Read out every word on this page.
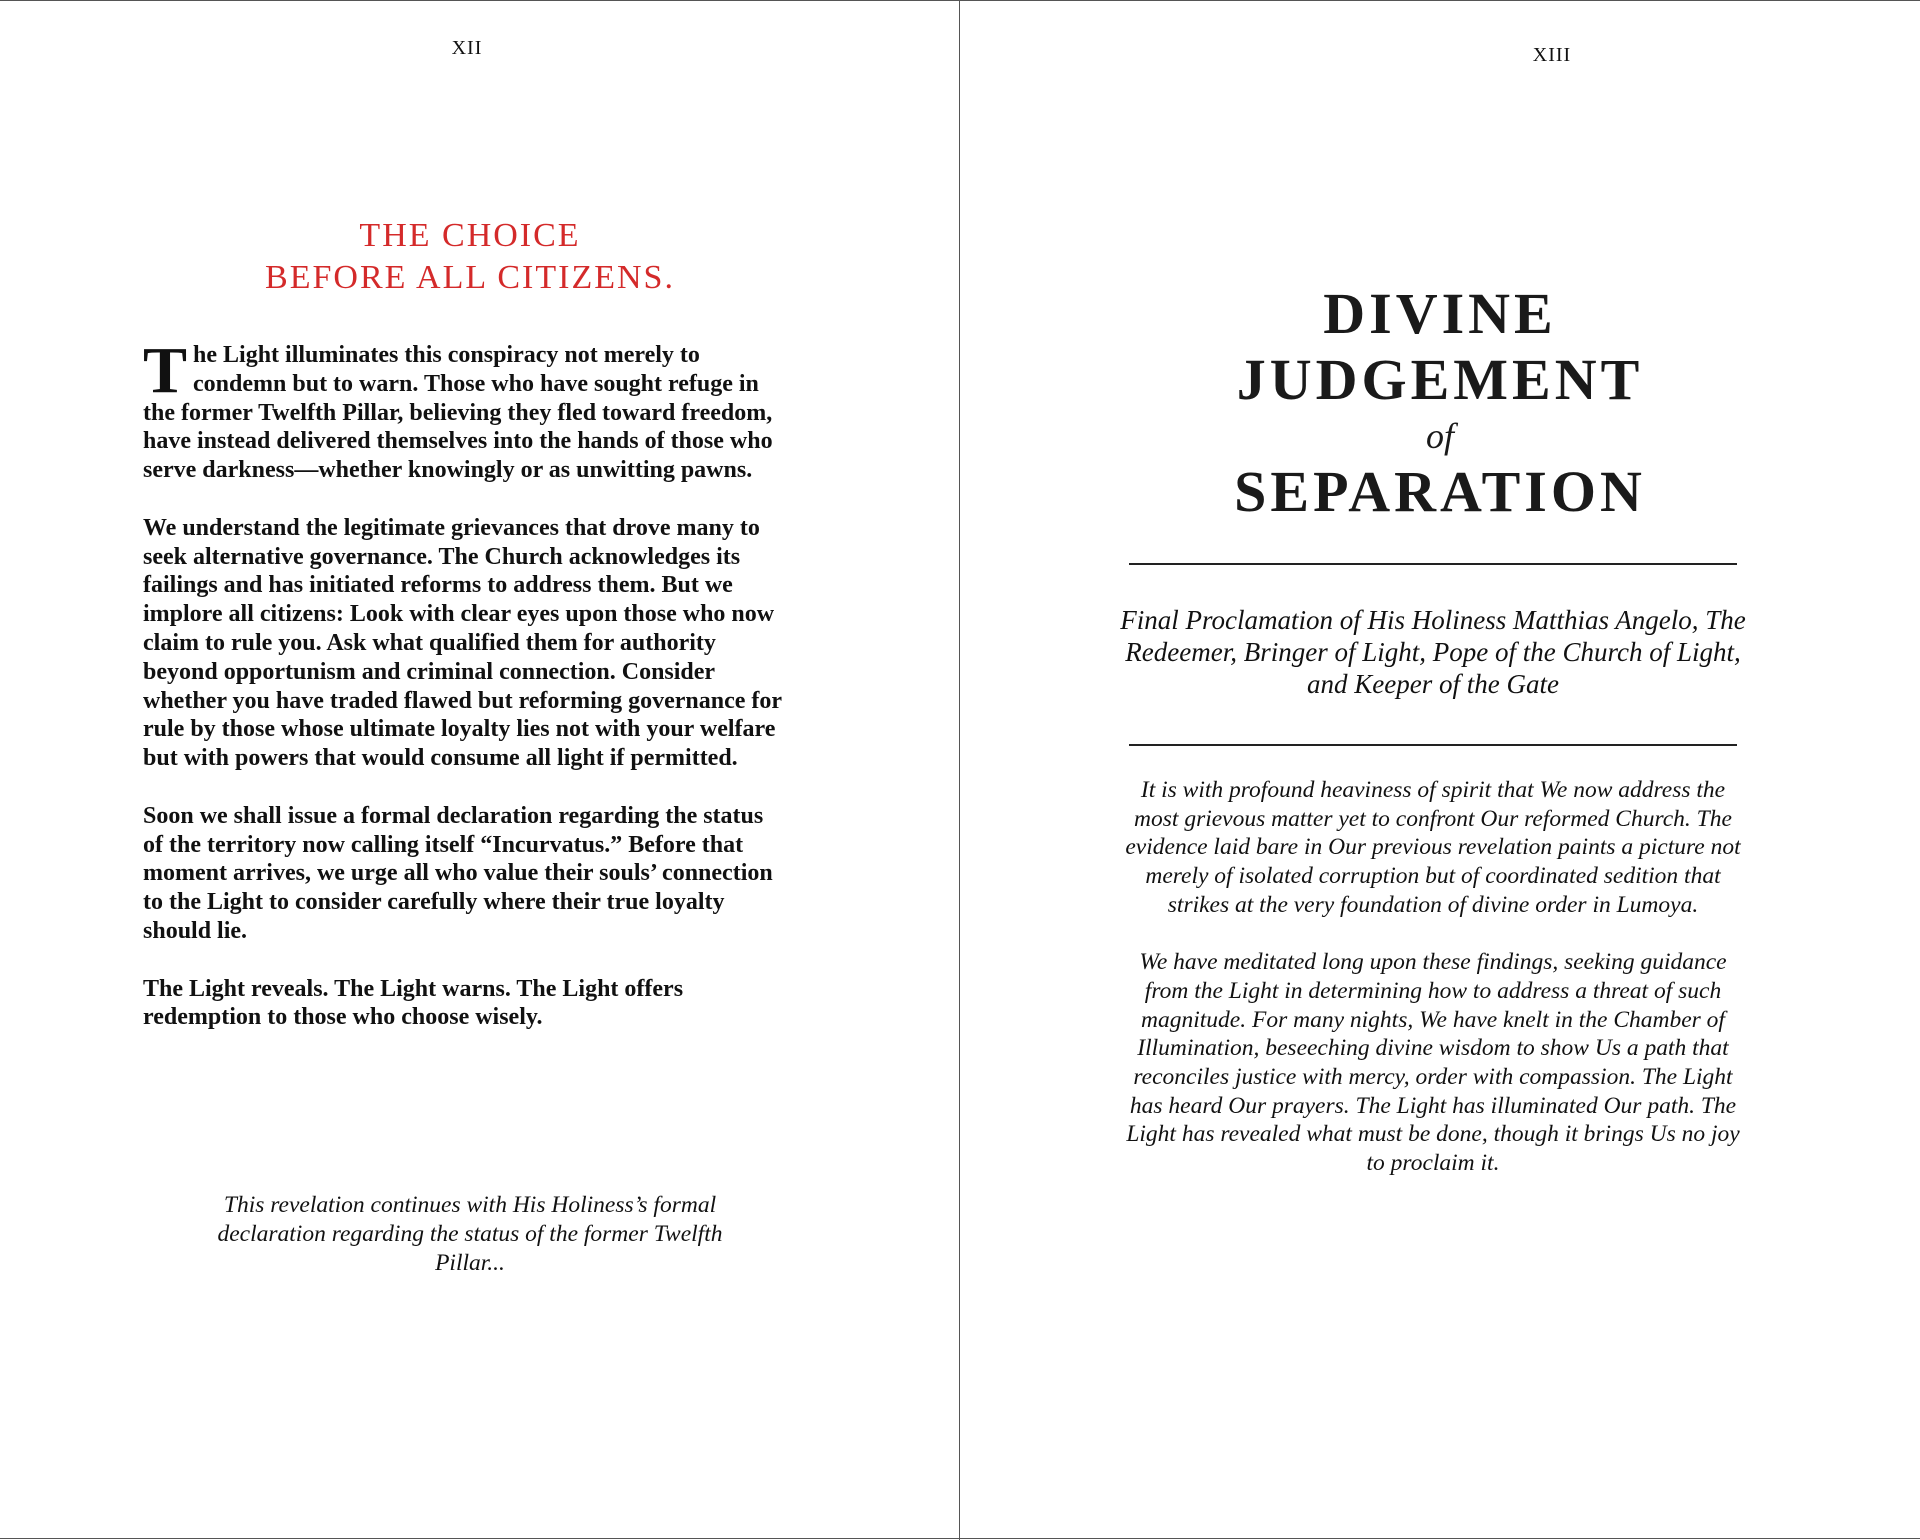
XII
THE CHOICE
BEFORE ALL CITIZENS.

The Light illuminates this conspiracy not merely to condemn but to warn. Those who have sought refuge in the former Twelfth Pillar, believing they fled toward freedom, have instead delivered themselves into the hands of those who serve darkness—whether knowingly or as unwitting pawns.

We understand the legitimate grievances that drove many to seek alternative governance. The Church acknowledges its failings and has initiated reforms to address them. But we implore all citizens: Look with clear eyes upon those who now claim to rule you. Ask what qualified them for authority beyond opportunism and criminal connection. Consider whether you have traded flawed but reforming governance for rule by those whose ultimate loyalty lies not with your welfare but with powers that would consume all light if permitted.

Soon we shall issue a formal declaration regarding the status of the territory now calling itself “Incurvatus.” Before that moment arrives, we urge all who value their souls’ connection to the Light to consider carefully where their true loyalty should lie.

The Light reveals. The Light warns. The Light offers redemption to those who choose wisely.

This revelation continues with His Holiness’s formal declaration regarding the status of the former Twelfth Pillar...
XIII
DIVINE
JUDGEMENT
of
SEPARATION
Final Proclamation of His Holiness Matthias Angelo, The Redeemer, Bringer of Light, Pope of the Church of Light, and Keeper of the Gate

It is with profound heaviness of spirit that We now address the most grievous matter yet to confront Our reformed Church. The evidence laid bare in Our previous revelation paints a picture not merely of isolated corruption but of coordinated sedition that strikes at the very foundation of divine order in Lumoya.

We have meditated long upon these findings, seeking guidance from the Light in determining how to address a threat of such magnitude. For many nights, We have knelt in the Chamber of Illumination, beseeching divine wisdom to show Us a path that reconciles justice with mercy, order with compassion. The Light has heard Our prayers. The Light has illuminated Our path. The Light has revealed what must be done, though it brings Us no joy to proclaim it.
